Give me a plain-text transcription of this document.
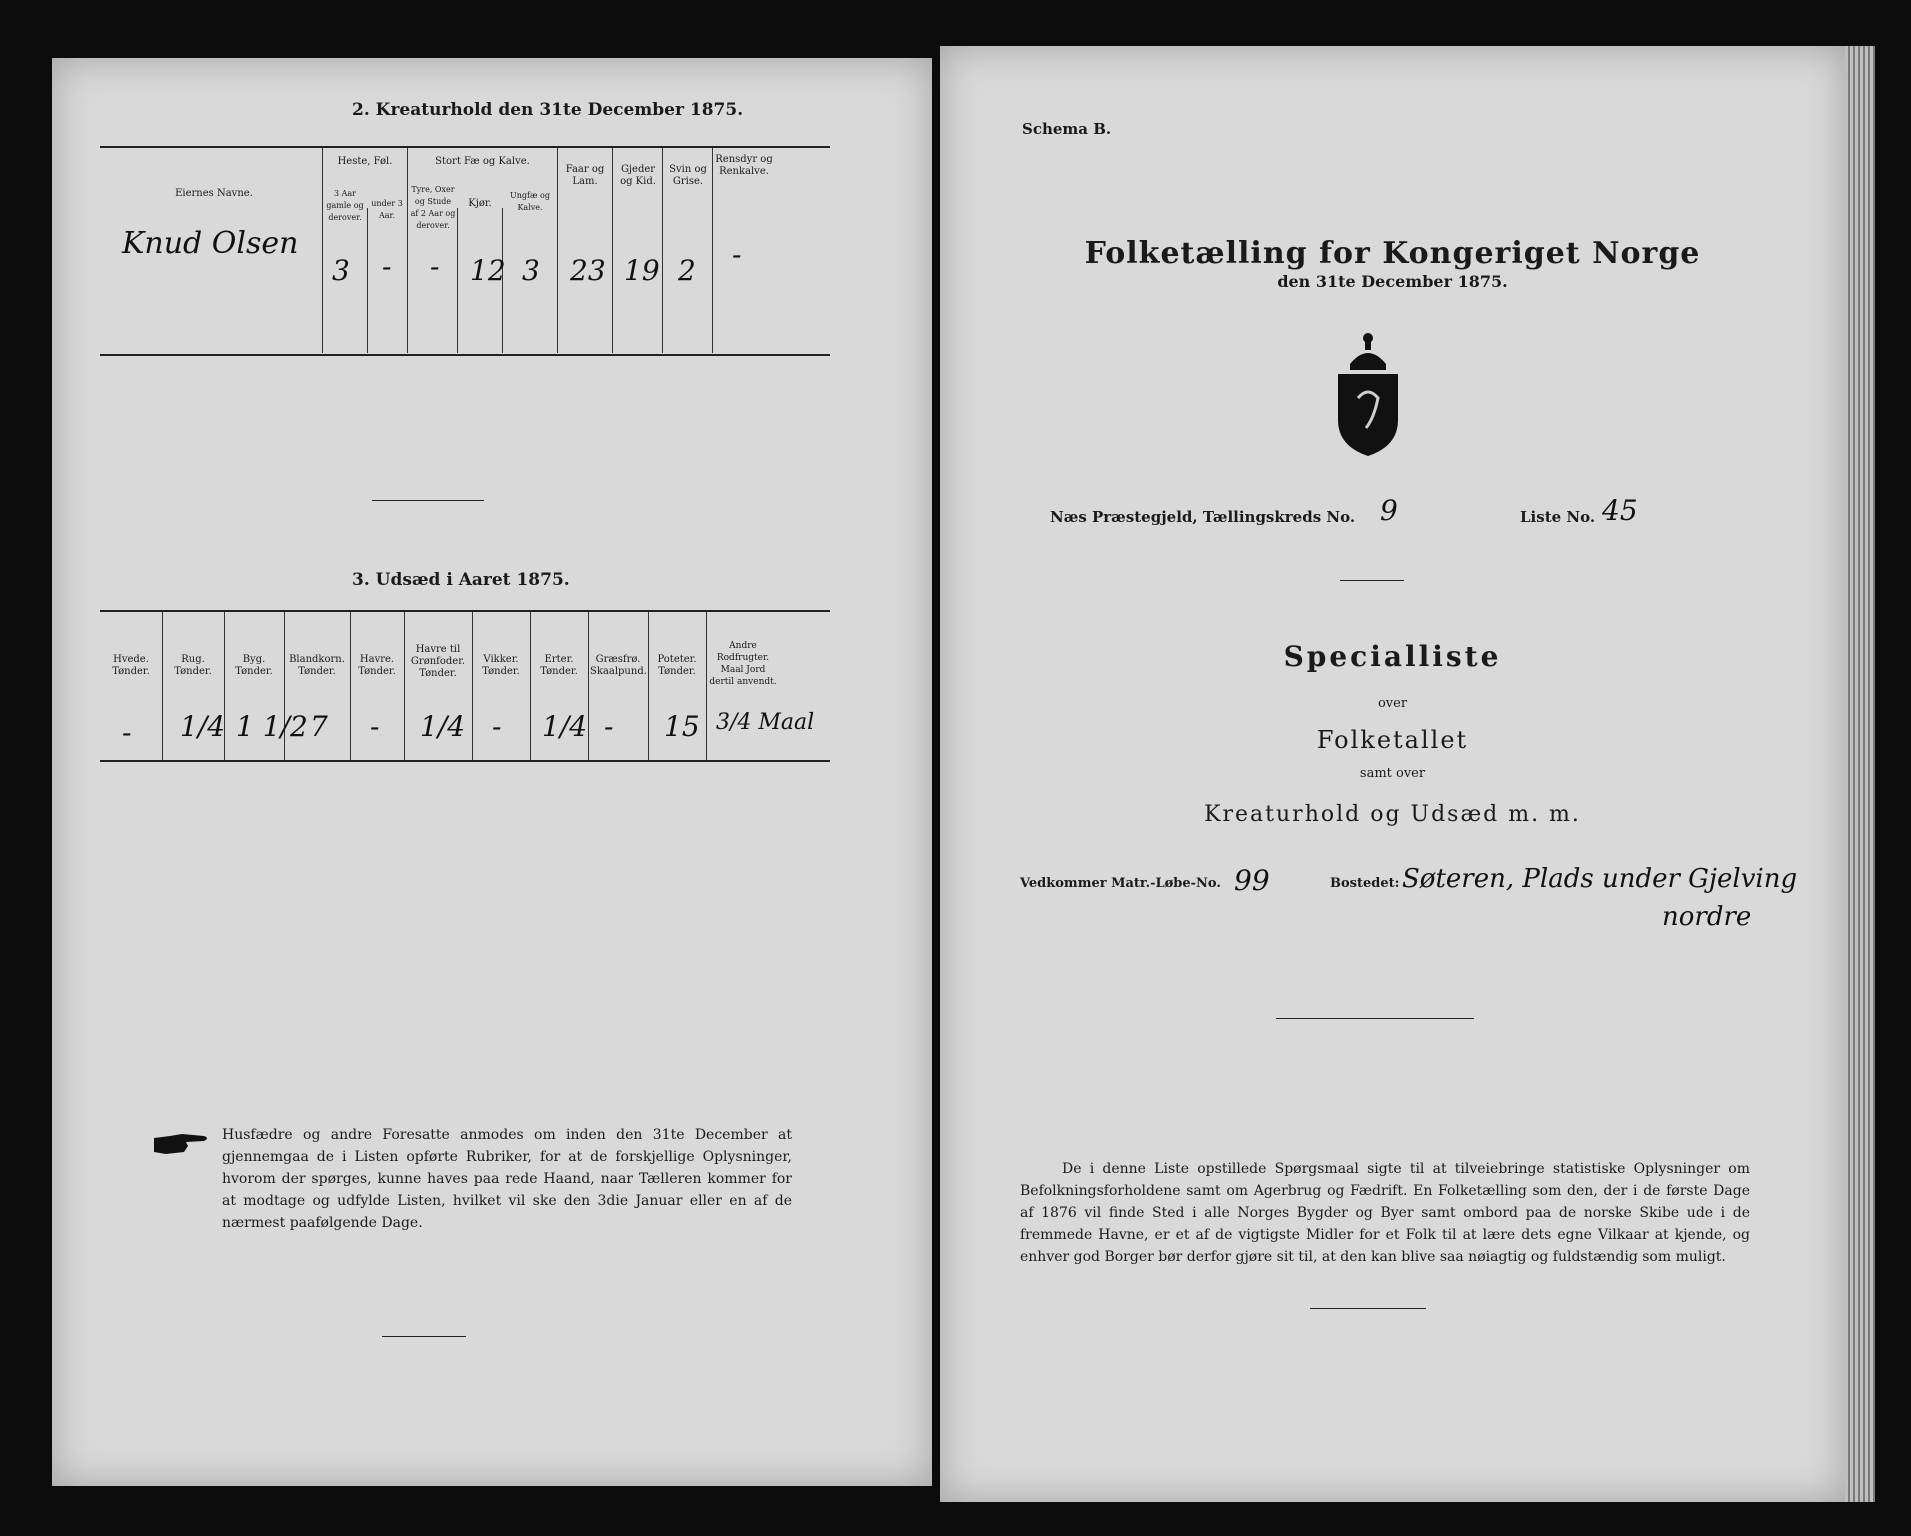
2. Kreaturhold den 31te December 1875.
Eiernes Navne.
Heste, Føl.
3 Aar gamle og derover.
under 3 Aar.
Stort Fæ og Kalve.
Tyre, Oxer og Stude af 2 Aar og derover.
Kjør.
Ungfæ og Kalve.
Faar og Lam.
Gjeder og Kid.
Svin og Grise.
Rensdyr og Renkalve.
Knud Olsen
3 - - 12 3 23 19 2 -
3. Udsæd i Aaret 1875.
Hvede. Tønder.
Rug. Tønder.
Byg. Tønder.
Blandkorn. Tønder.
Havre. Tønder.
Havre til Grønfoder. Tønder.
Erter. Tønder.
Vikker. Tønder.
Græsfrø. Skaalpund.
Poteter. Tønder.
Andre Rodfrugter. Maal Jord dertil anvendt.
- 1/4 1 1/2 7 - 1/4 - 1/4 - 15 3/4 Maal
Husfædre og andre Foresatte anmodes om inden den 31te December at gjennemgaa de i Listen opførte Rubriker, for at de forskjellige Oplysninger, hvorom der spørges, kunne haves paa rede Haand, naar Tælleren kommer for at modtage og udfylde Listen, hvilket vil ske den 3die Januar eller en af de nærmest paafølgende Dage.
Schema B.
Folketælling for Kongeriget Norge
den 31te December 1875.
Næs Præstegjeld, Tællingskreds No. 9	Liste No. 45
Specialliste
over
Folketallet
samt over
Kreaturhold og Udsæd m. m.
Vedkommer Matr.-Løbe-No. 99	Bostedet: Søteren, Plads under Gjelving
nordre
De i denne Liste opstillede Spørgsmaal sigte til at tilveiebringe statistiske Oplysninger om Befolkningsforholdene samt om Agerbrug og Fædrift. En Folketælling som den, der i de første Dage af 1876 vil finde Sted i alle Norges Bygder og Byer samt ombord paa de norske Skibe ude i de fremmede Havne, er et af de vigtigste Midler for et Folk til at lære dets egne Vilkaar at kjende, og enhver god Borger bør derfor gjøre sit til, at den kan blive saa nøiagtig og fuldstændig som muligt.
